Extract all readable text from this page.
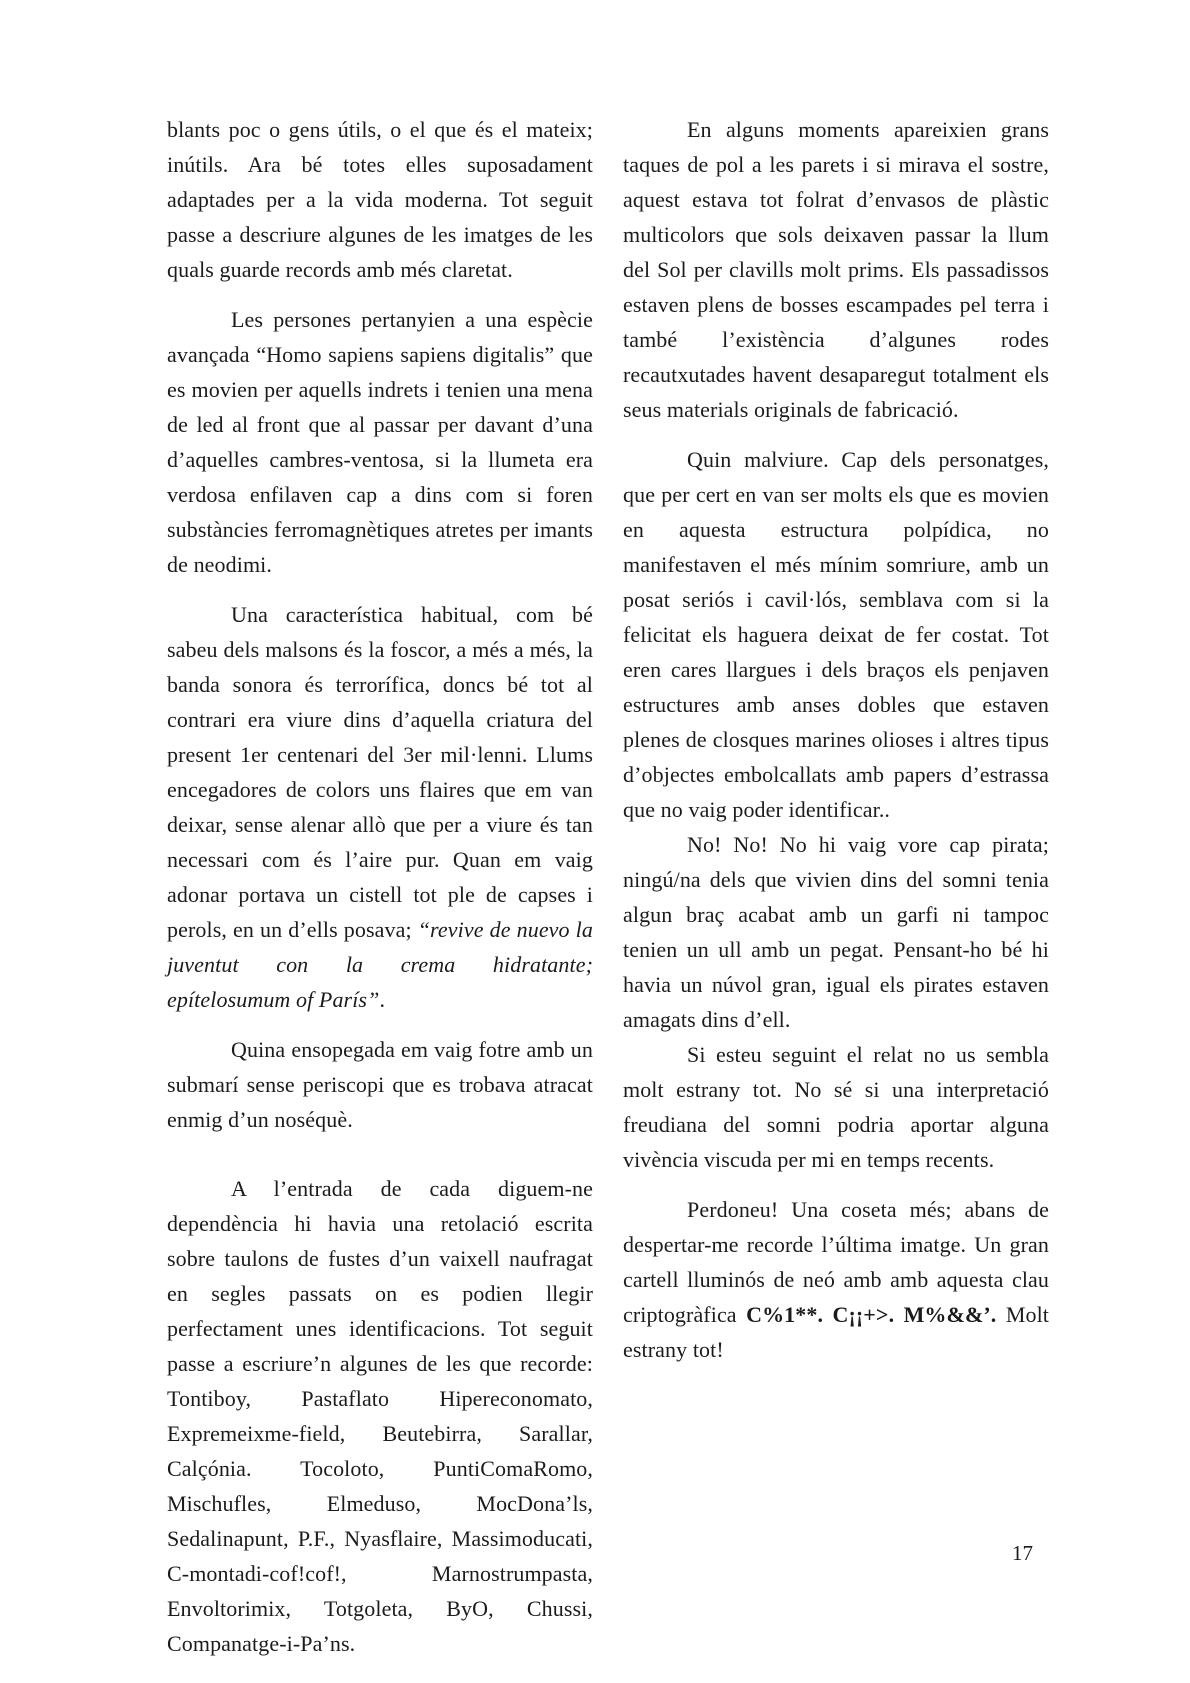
blants poc o gens útils, o el que és el mateix; inútils. Ara bé totes elles suposadament adaptades per a la vida moderna. Tot seguit passe a descriure algunes de les imatges de les quals guarde records amb més claretat.

Les persones pertanyien a una espècie avançada “Homo sapiens sapiens digitalis” que es movien per aquells indrets i tenien una mena de led al front que al passar per davant d’una d’aquelles cambres-ventosa, si la llumeta era verdosa enfilaven cap a dins com si foren substàncies ferromagnètiques atretes per imants de neodimi.

Una característica habitual, com bé sabeu dels malsons és la foscor, a més a més, la banda sonora és terrorífica, doncs bé tot al contrari era viure dins d’aquella criatura del present 1er centenari del 3er mil·lenni. Llums encegadores de colors uns flaires que em van deixar, sense alenar allò que per a viure és tan necessari com és l’aire pur. Quan em vaig adonar portava un cistell tot ple de capses i perols, en un d’ells posava; “revive de nuevo la juventut con la crema hidratante; epítelosumum of París”.

Quina ensopegada em vaig fotre amb un submarí sense periscopi que es trobava atracat enmig d’un noséquè.

A l’entrada de cada diguem-ne dependència hi havia una retolació escrita sobre taulons de fustes d’un vaixell naufragat en segles passats on es podien llegir perfectament unes identificacions. Tot seguit passe a escriure’n algunes de les que recorde: Tontiboy, Pastaflato Hipereconomato, Expremeixme-field, Beutebirra, Sarallar, Calçónia. Tocoloto, PuntiComaRomo, Mischufles, Elmeduso, MocDona’ls, Sedalinapunt, P.F., Nyasflaire, Massimoducati, C-montadi-cof!cof!, Marnostrumpasta, Envoltorimix, Totgoleta, ByO, Chussi, Companatge-i-Pa’ns.

En alguns moments apareixien grans taques de pol a les parets i si mirava el sostre, aquest estava tot folrat d’envasos de plàstic multicolors que sols deixaven passar la llum del Sol per clavills molt prims. Els passadissos estaven plens de bosses escampades pel terra i també l’existència d’algunes rodes recautxutades havent desaparegut totalment els seus materials originals de fabricació.

Quin malviure. Cap dels personatges, que per cert en van ser molts els que es movien en aquesta estructura polpídica, no manifestaven el més mínim somriure, amb un posat seriós i cavil·lós, semblava com si la felicitat els haguera deixat de fer costat. Tot eren cares llargues i dels braços els penjaven estructures amb anses dobles que estaven plenes de closques marines olioses i altres tipus d’objectes embolcallats amb papers d’estrassa que no vaig poder identificar..

No! No! No hi vaig vore cap pirata; ningú/na dels que vivien dins del somni tenia algun braç acabat amb un garfi ni tampoc tenien un ull amb un pegat. Pensant-ho bé hi havia un núvol gran, igual els pirates estaven amagats dins d’ell.

Si esteu seguint el relat no us sembla molt estrany tot. No sé si una interpretació freudiana del somni podria aportar alguna vivència viscuda per mi en temps recents.

Perdoneu! Una coseta més; abans de despertar-me recorde l’última imatge. Un gran cartell lluminós de neó amb amb aquesta clau criptogràfica C%1**. C¡¡+>. M%&&’. Molt estrany tot!

17
